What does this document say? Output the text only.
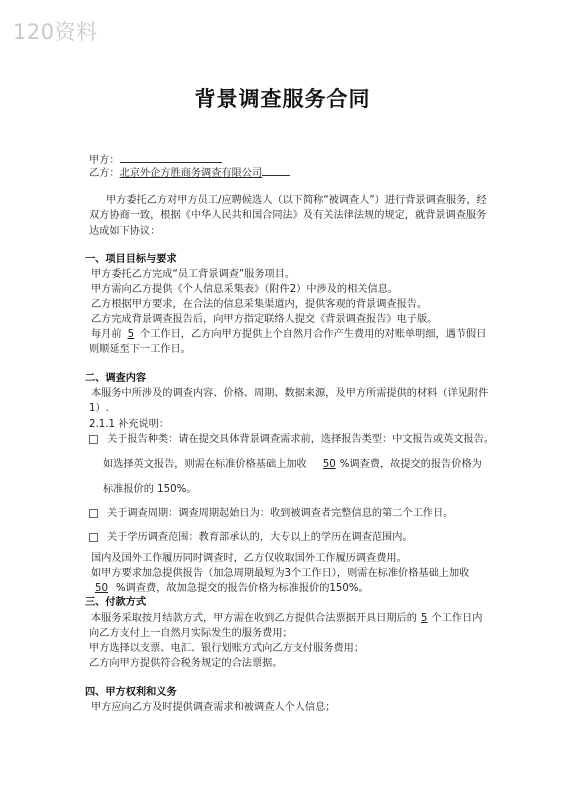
120资料
背景调查服务合同
甲方：
乙方：北京外企方胜商务调查有限公司
甲方委托乙方对甲方员工/应聘候选人（以下简称“被调查人”）进行背景调查服务，经
双方协商一致，根据《中华人民共和国合同法》及有关法律法规的规定，就背景调查服务
达成如下协议：
一、项目目标与要求
甲方委托乙方完成“员工背景调查”服务项目。
甲方需向乙方提供《个人信息采集表》（附件2）中涉及的相关信息。
乙方根据甲方要求，在合法的信息采集渠道内，提供客观的背景调查报告。
乙方完成背景调查报告后，向甲方指定联络人提交《背景调查报告》电子版。
每月前 5 个工作日，乙方向甲方提供上个自然月合作产生费用的对账单明细，遇节假日
则顺延至下一工作日。
二、调查内容
本服务中所涉及的调查内容、价格、周期、数据来源，及甲方所需提供的材料（详见附件
1）.
2.1.1 补充说明：
关于报告种类：请在提交具体背景调查需求前，选择报告类型：中文报告或英文报告。
如选择英文报告，则需在标准价格基础上加收 50 %调查费，故提交的报告价格为
标准报价的 150%。
关于调查周期：调查周期起始日为：收到被调查者完整信息的第二个工作日。
关于学历调查范围：教育部承认的，大专以上的学历在调查范围内。
国内及国外工作履历同时调查时，乙方仅收取国外工作履历调查费用。
如甲方要求加急提供报告（加急周期最短为3个工作日），则需在标准价格基础上加收
50 %调查费，故加急提交的报告价格为标准报价的150%。
三、付款方式
本服务采取按月结款方式，甲方需在收到乙方提供合法票据开具日期后的 5 个工作日内
向乙方支付上一自然月实际发生的服务费用；
甲方选择以支票、电汇、银行划账方式向乙方支付服务费用；
乙方向甲方提供符合税务规定的合法票据。
四、甲方权利和义务
甲方应向乙方及时提供调查需求和被调查人个人信息；
